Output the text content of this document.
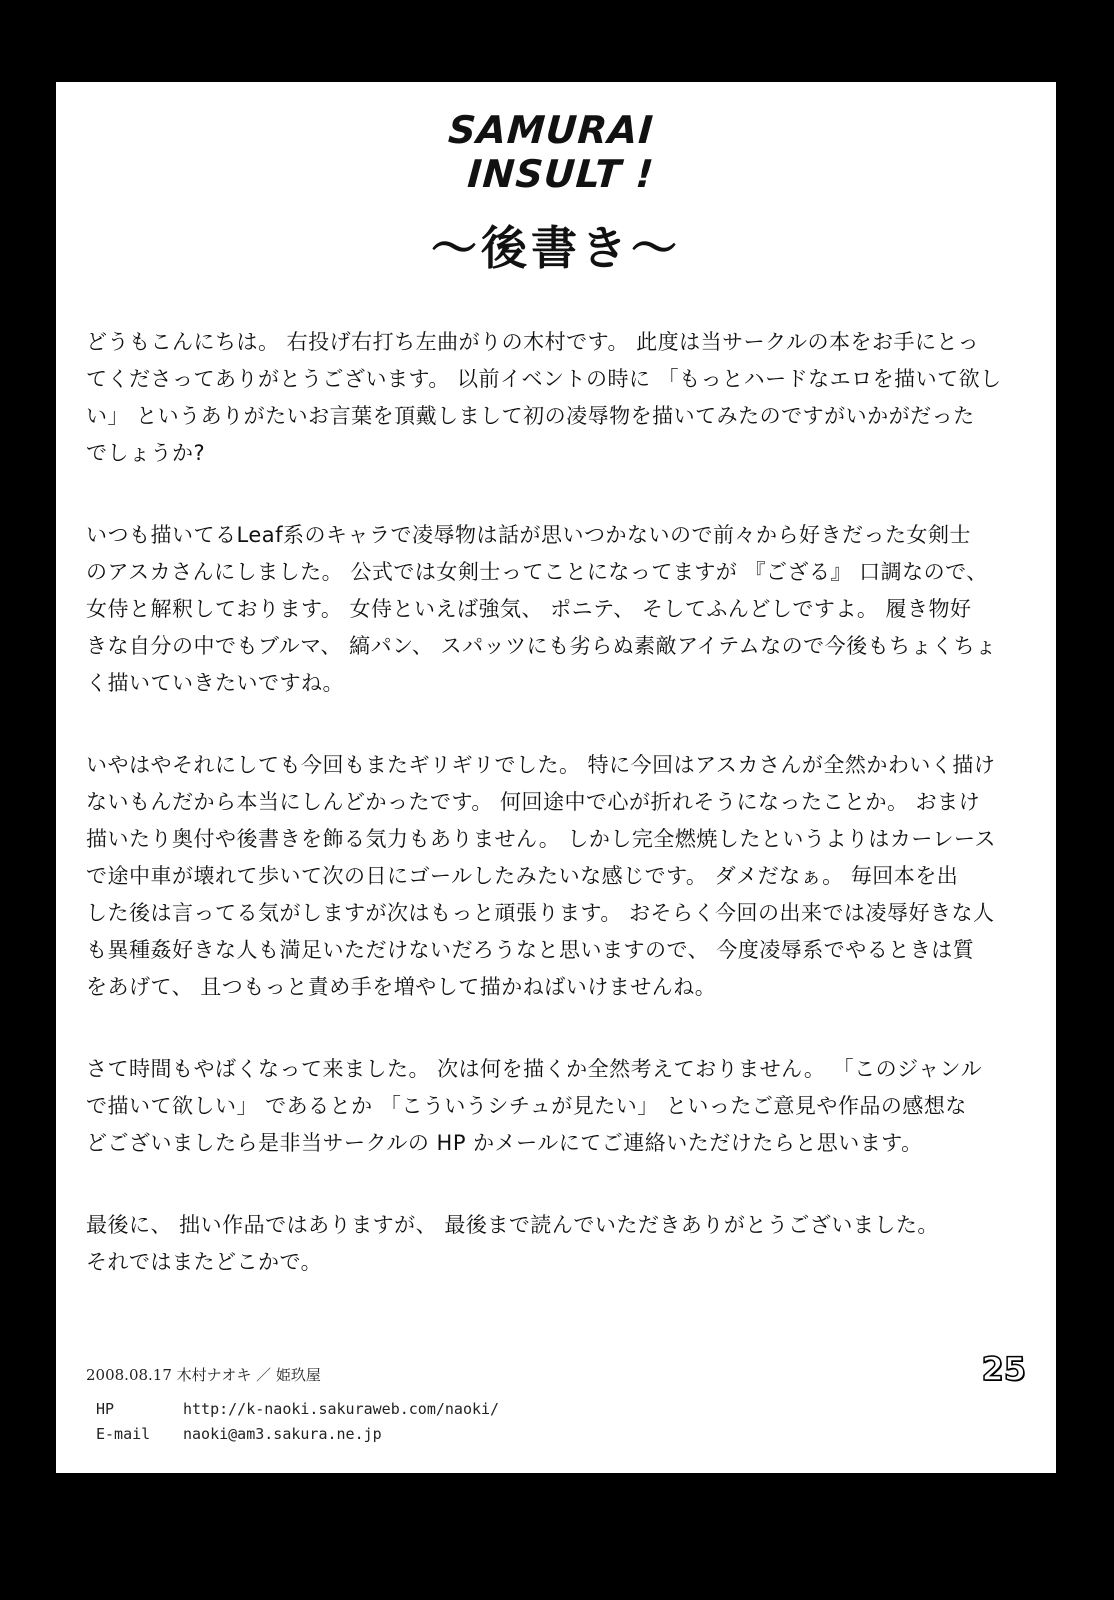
SAMURAI
INSULT !
～後書き～
どうもこんにちは。 右投げ右打ち左曲がりの木村です。 此度は当サークルの本をお手にとっ
てくださってありがとうございます。 以前イベントの時に 「もっとハードなエロを描いて欲し
い」 というありがたいお言葉を頂戴しまして初の凌辱物を描いてみたのですがいかがだった
でしょうか?
いつも描いてるLeaf系のキャラで凌辱物は話が思いつかないので前々から好きだった女剣士
のアスカさんにしました。 公式では女剣士ってことになってますが 『ござる』 口調なので、
女侍と解釈しております。 女侍といえば強気、 ポニテ、 そしてふんどしですよ。 履き物好
きな自分の中でもブルマ、 縞パン、 スパッツにも劣らぬ素敵アイテムなので今後もちょくちょ
く描いていきたいですね。
いやはやそれにしても今回もまたギリギリでした。 特に今回はアスカさんが全然かわいく描け
ないもんだから本当にしんどかったです。 何回途中で心が折れそうになったことか。 おまけ
描いたり奥付や後書きを飾る気力もありません。 しかし完全燃焼したというよりはカーレース
で途中車が壊れて歩いて次の日にゴールしたみたいな感じです。 ダメだなぁ。 毎回本を出
した後は言ってる気がしますが次はもっと頑張ります。 おそらく今回の出来では凌辱好きな人
も異種姦好きな人も満足いただけないだろうなと思いますので、 今度凌辱系でやるときは質
をあげて、 且つもっと責め手を増やして描かねばいけませんね。
さて時間もやばくなって来ました。 次は何を描くか全然考えておりません。 「このジャンル
で描いて欲しい」 であるとか 「こういうシチュが見たい」 といったご意見や作品の感想な
どございましたら是非当サークルの HP かメールにてご連絡いただけたらと思います。
最後に、 拙い作品ではありますが、 最後まで読んでいただきありがとうございました。
それではまたどこかで。
2008.08.17 木村ナオキ ／ 姫玖屋
HP	http://k-naoki.sakuraweb.com/naoki/
E-mail	naoki@am3.sakura.ne.jp
25
